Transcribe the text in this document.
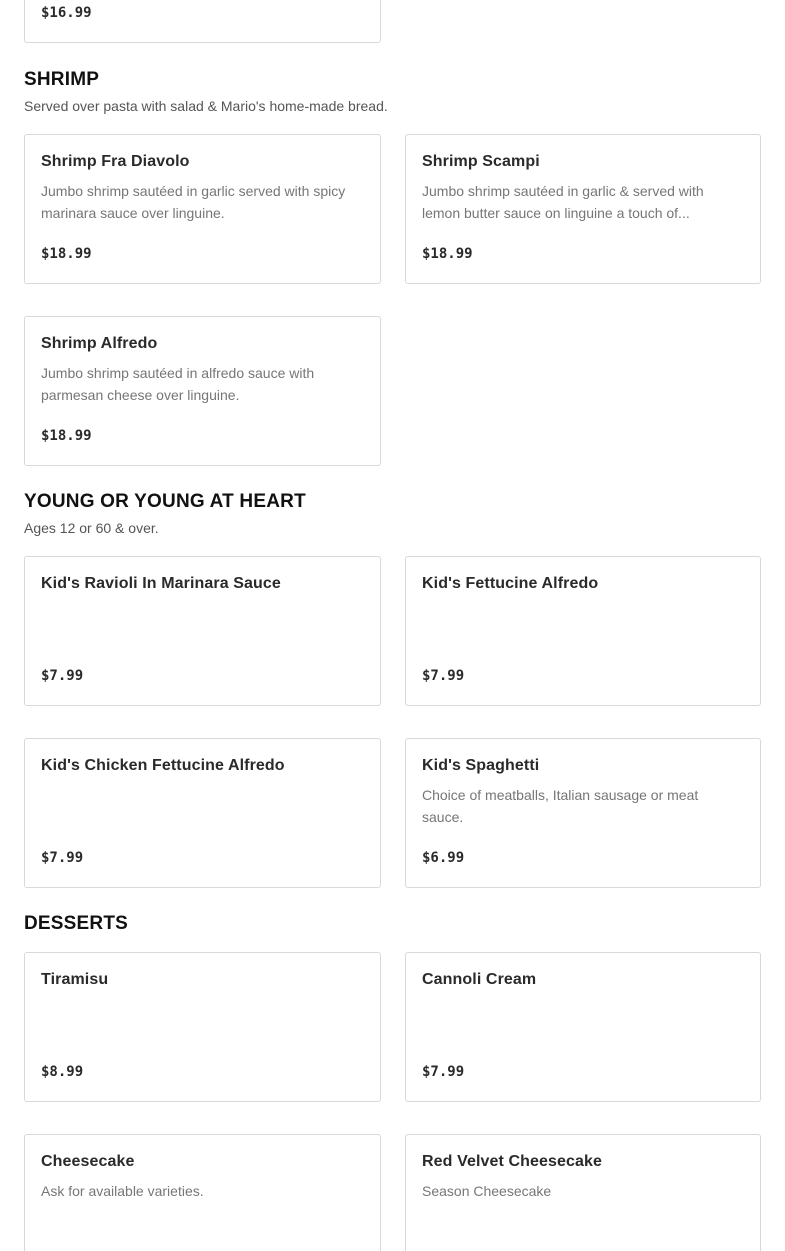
$16.99
SHRIMP

Served over pasta with salad & Mario's home-made bread.

Shrimp Fra Diavolo
Jumbo shrimp sautéed in garlic served with spicy marinara sauce over linguine.
$18.99
Shrimp Scampi
Jumbo shrimp sautéed in garlic & served with lemon butter sauce on linguine a touch of...
$18.99
Shrimp Alfredo
Jumbo shrimp sautéed in alfredo sauce with parmesan cheese over linguine.
$18.99
YOUNG OR YOUNG AT HEART

Ages 12 or 60 & over.

Kid's Ravioli In Marinara Sauce
$7.99
Kid's Fettucine Alfredo
$7.99
Kid's Chicken Fettucine Alfredo
$7.99
Kid's Spaghetti
Choice of meatballs, Italian sausage or meat sauce.
$6.99
DESSERTS
Tiramisu
$8.99
Cannoli Cream
$7.99
Cheesecake
Ask for available varieties.
Red Velvet Cheesecake
Season Cheesecake
